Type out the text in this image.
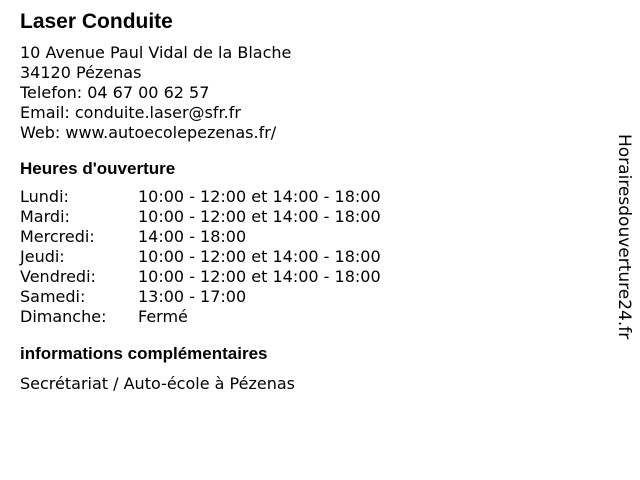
Laser Conduite
10 Avenue Paul Vidal de la Blache
34120 Pézenas
Telefon: 04 67 00 62 57
Email: conduite.laser@sfr.fr
Web: www.autoecolepezenas.fr/
Heures d'ouverture
Lundi:	10:00 - 12:00 et 14:00 - 18:00
Mardi:	10:00 - 12:00 et 14:00 - 18:00
Mercredi:	14:00 - 18:00
Jeudi:	10:00 - 12:00 et 14:00 - 18:00
Vendredi:	10:00 - 12:00 et 14:00 - 18:00
Samedi:	13:00 - 17:00
Dimanche:	Fermé
informations complémentaires
Secrétariat / Auto-école à Pézenas
Horairesdouverture24.fr
